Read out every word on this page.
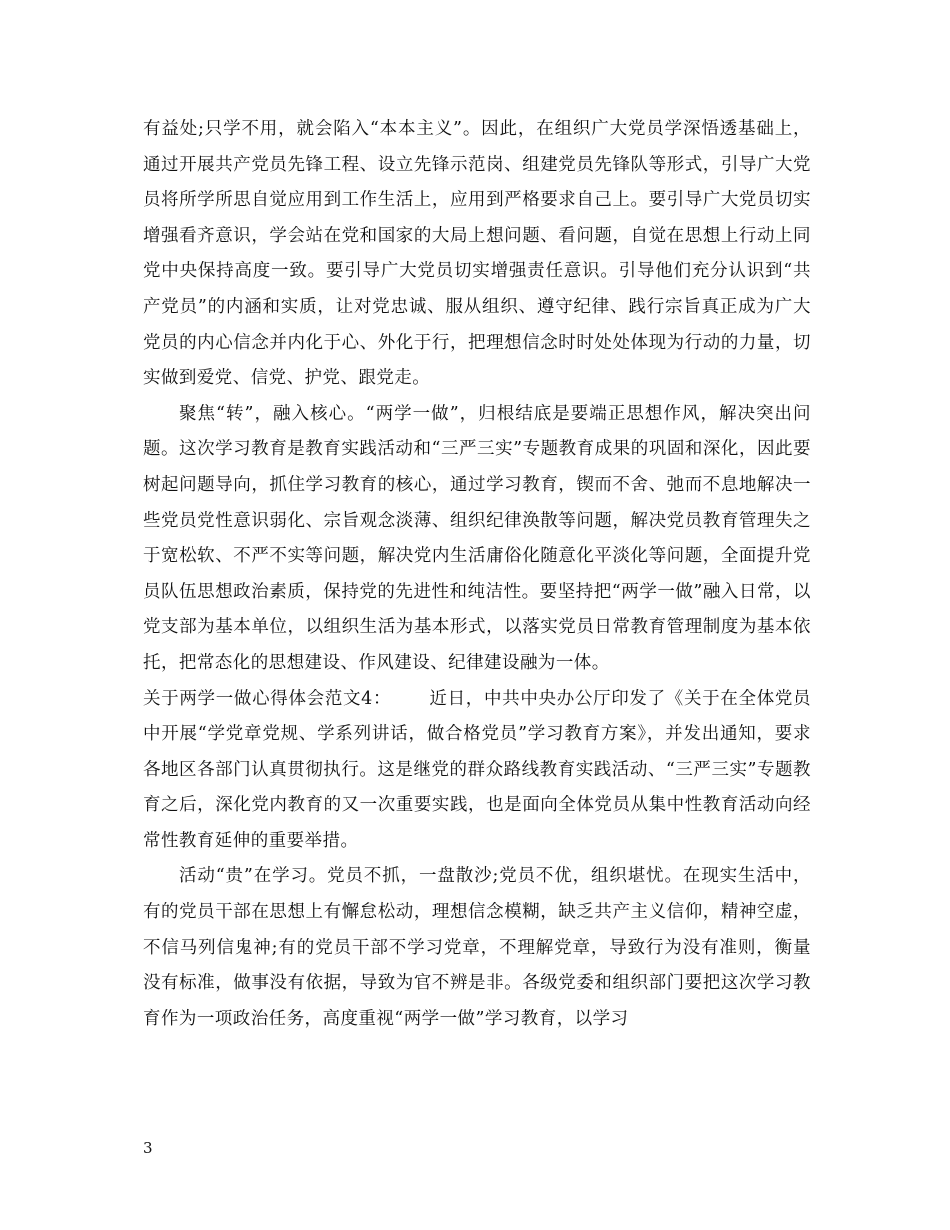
有益处;只学不用，就会陷入“本本主义”。因此，在组织广大党员学深悟透基础上，通过开展共产党员先锋工程、设立先锋示范岗、组建党员先锋队等形式，引导广大党员将所学所思自觉应用到工作生活上，应用到严格要求自己上。要引导广大党员切实增强看齐意识，学会站在党和国家的大局上想问题、看问题，自觉在思想上行动上同党中央保持高度一致。要引导广大党员切实增强责任意识。引导他们充分认识到“共产党员”的内涵和实质，让对党忠诚、服从组织、遵守纪律、践行宗旨真正成为广大党员的内心信念并内化于心、外化于行，把理想信念时时处处体现为行动的力量，切实做到爱党、信党、护党、跟党走。

聚焦“转”，融入核心。“两学一做”，归根结底是要端正思想作风，解决突出问题。这次学习教育是教育实践活动和“三严三实”专题教育成果的巩固和深化，因此要树起问题导向，抓住学习教育的核心，通过学习教育，锲而不舍、弛而不息地解决一些党员党性意识弱化、宗旨观念淡薄、组织纪律涣散等问题，解决党员教育管理失之于宽松软、不严不实等问题，解决党内生活庸俗化随意化平淡化等问题，全面提升党员队伍思想政治素质，保持党的先进性和纯洁性。要坚持把“两学一做”融入日常，以党支部为基本单位，以组织生活为基本形式，以落实党员日常教育管理制度为基本依托，把常态化的思想建设、作风建设、纪律建设融为一体。

关于两学一做心得体会范文4： 近日，中共中央办公厅印发了《关于在全体党员中开展“学党章党规、学系列讲话，做合格党员”学习教育方案》，并发出通知，要求各地区各部门认真贯彻执行。这是继党的群众路线教育实践活动、“三严三实”专题教育之后，深化党内教育的又一次重要实践，也是面向全体党员从集中性教育活动向经常性教育延伸的重要举措。

活动“贵”在学习。党员不抓，一盘散沙;党员不优，组织堪忧。在现实生活中，有的党员干部在思想上有懈怠松动，理想信念模糊，缺乏共产主义信仰，精神空虚，不信马列信鬼神;有的党员干部不学习党章，不理解党章，导致行为没有准则，衡量没有标准，做事没有依据，导致为官不辨是非。各级党委和组织部门要把这次学习教育作为一项政治任务，高度重视“两学一做”学习教育，以学习

3
